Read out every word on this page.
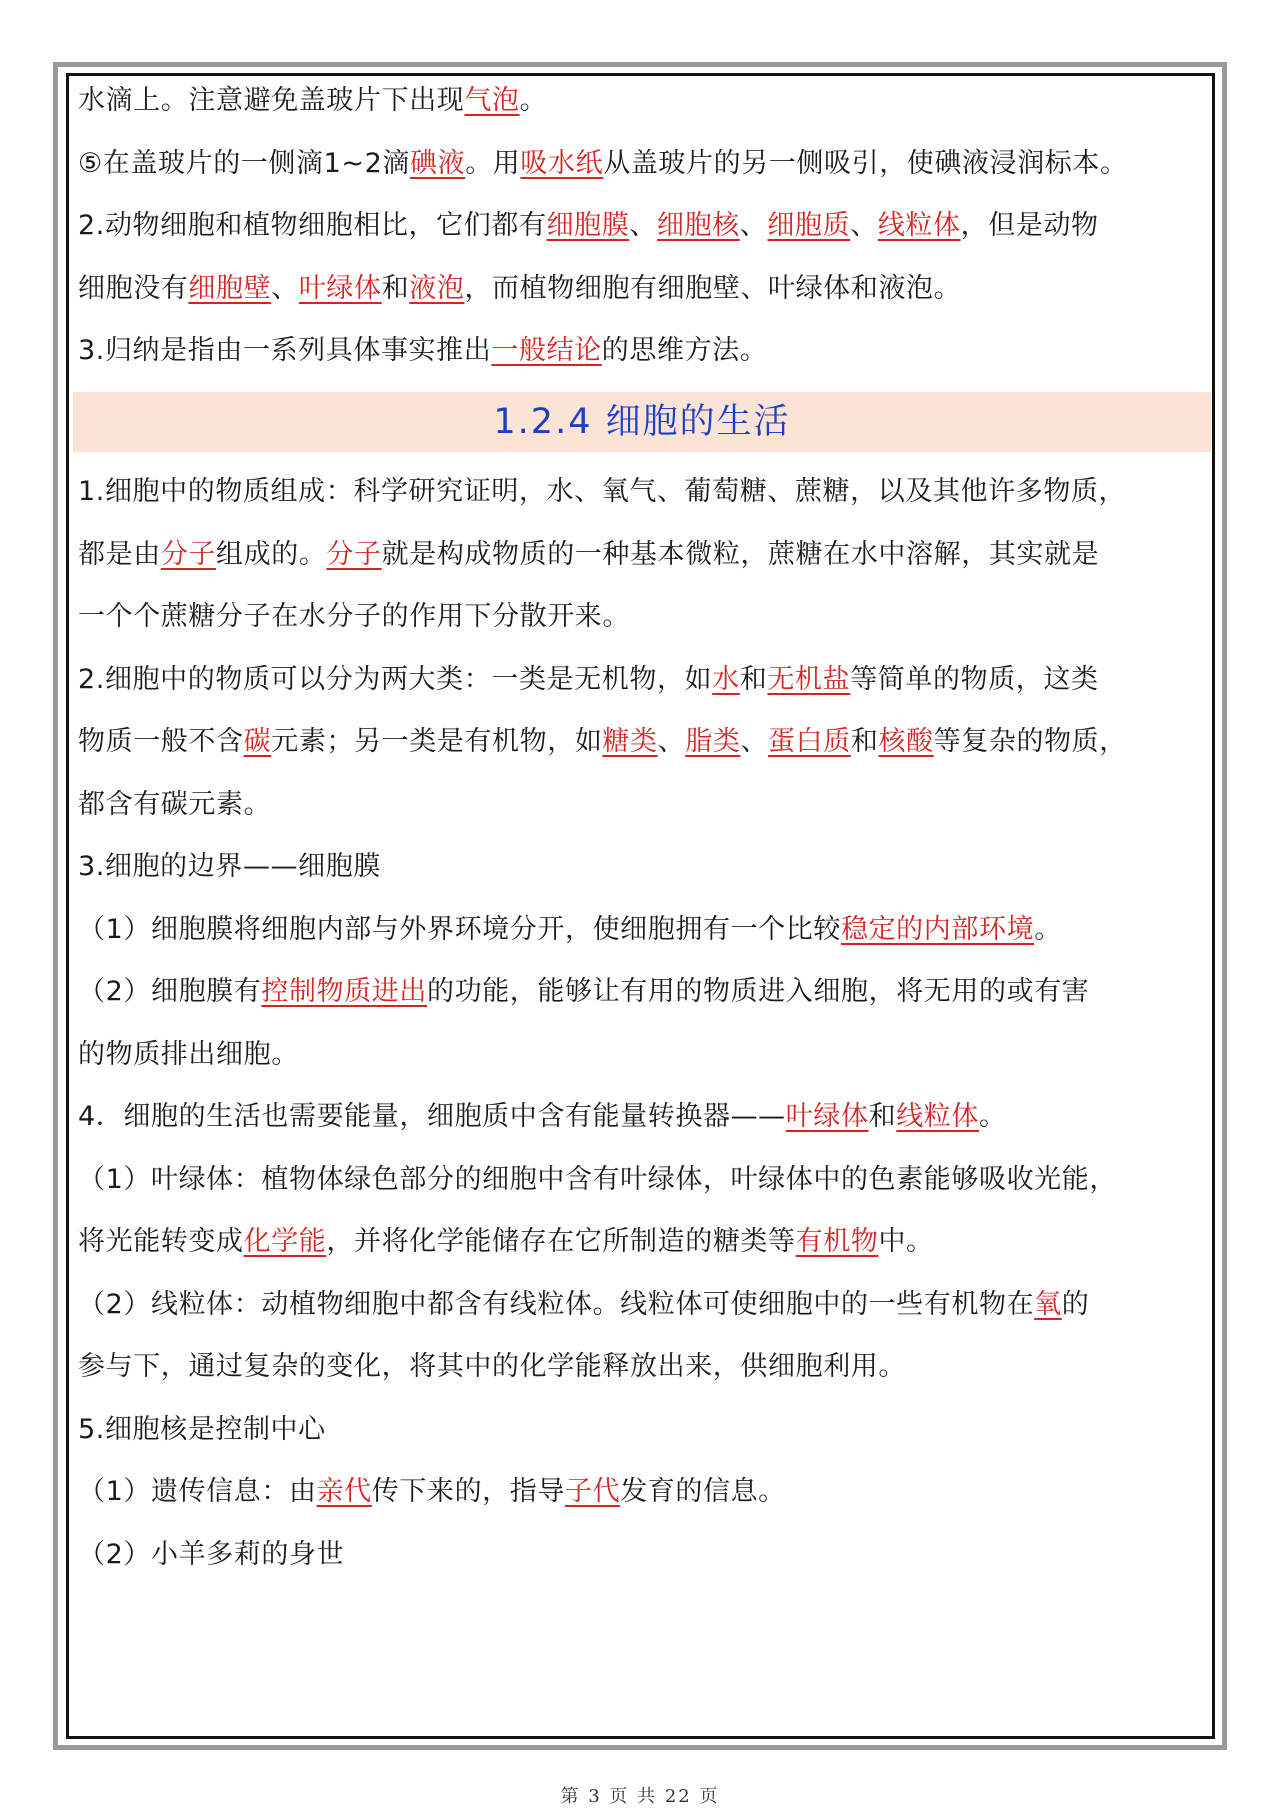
水滴上。注意避免盖玻片下出现气泡。
⑤在盖玻片的一侧滴1~2滴碘液。用吸水纸从盖玻片的另一侧吸引，使碘液浸润标本。
2.动物细胞和植物细胞相比，它们都有细胞膜、细胞核、细胞质、线粒体，但是动物
细胞没有细胞壁、叶绿体和液泡，而植物细胞有细胞壁、叶绿体和液泡。
3.归纳是指由一系列具体事实推出一般结论的思维方法。
1.2.4 细胞的生活
1.细胞中的物质组成：科学研究证明，水、氧气、葡萄糖、蔗糖，以及其他许多物质，
都是由分子组成的。分子就是构成物质的一种基本微粒，蔗糖在水中溶解，其实就是
一个个蔗糖分子在水分子的作用下分散开来。
2.细胞中的物质可以分为两大类：一类是无机物，如水和无机盐等简单的物质，这类
物质一般不含碳元素；另一类是有机物，如糖类、脂类、蛋白质和核酸等复杂的物质，
都含有碳元素。
3.细胞的边界——细胞膜
（1）细胞膜将细胞内部与外界环境分开，使细胞拥有一个比较稳定的内部环境。
（2）细胞膜有控制物质进出的功能，能够让有用的物质进入细胞，将无用的或有害
的物质排出细胞。
4．细胞的生活也需要能量，细胞质中含有能量转换器——叶绿体和线粒体。
（1）叶绿体：植物体绿色部分的细胞中含有叶绿体，叶绿体中的色素能够吸收光能，
将光能转变成化学能，并将化学能储存在它所制造的糖类等有机物中。
（2）线粒体：动植物细胞中都含有线粒体。线粒体可使细胞中的一些有机物在氧的
参与下，通过复杂的变化，将其中的化学能释放出来，供细胞利用。
5.细胞核是控制中心
（1）遗传信息：由亲代传下来的，指导子代发育的信息。
（2）小羊多莉的身世
第 3 页 共 22 页
